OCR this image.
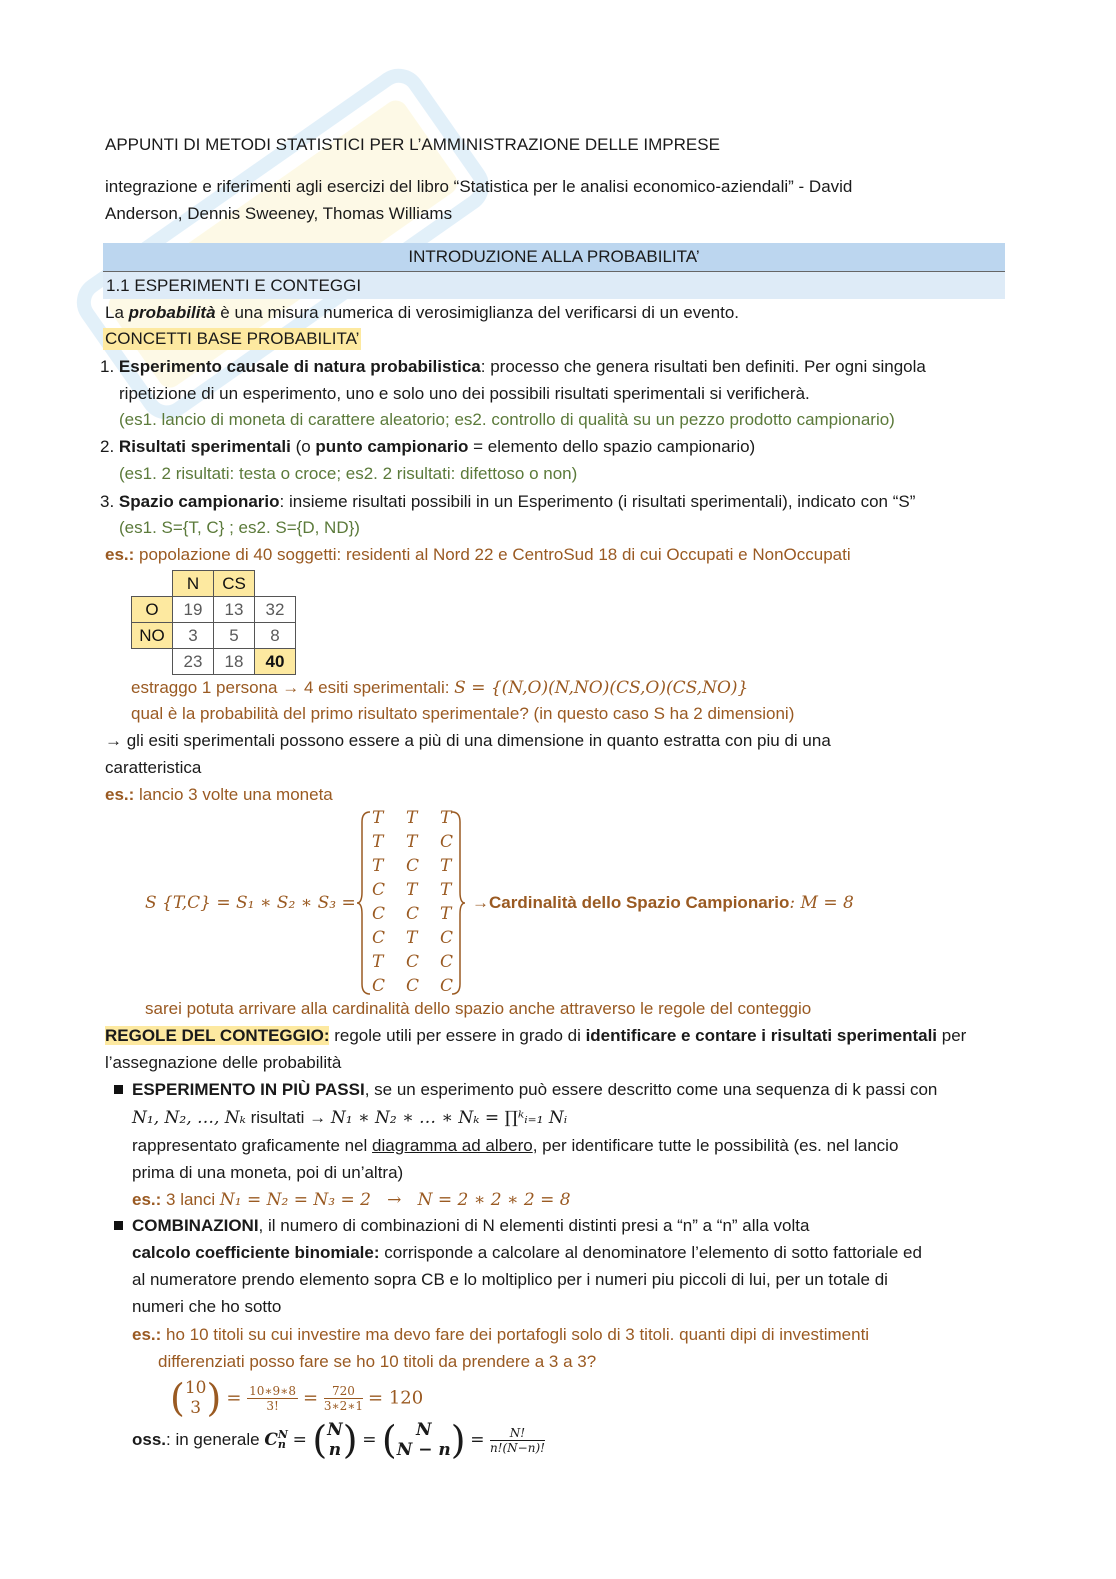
APPUNTI DI METODI STATISTICI PER L’AMMINISTRAZIONE DELLE IMPRESE
integrazione e riferimenti agli esercizi del libro “Statistica per le analisi economico-aziendali” - David
Anderson, Dennis Sweeney, Thomas Williams
INTRODUZIONE ALLA PROBABILITA’
1.1 ESPERIMENTI E CONTEGGI
La probabilità è una misura numerica di verosimiglianza del verificarsi di un evento.
CONCETTI BASE PROBABILITA’
1. Esperimento causale di natura probabilistica: processo che genera risultati ben definiti. Per ogni singola
ripetizione di un esperimento, uno e solo uno dei possibili risultati sperimentali si verificherà.
(es1. lancio di moneta di carattere aleatorio; es2. controllo di qualità su un pezzo prodotto campionario)
2. Risultati sperimentali (o punto campionario = elemento dello spazio campionario)
(es1. 2 risultati: testa o croce; es2. 2 risultati: difettoso o non)
3. Spazio campionario: insieme risultati possibili in un Esperimento (i risultati sperimentali), indicato con “S”
(es1. S={T, C} ; es2. S={D, ND})
es.: popolazione di 40 soggetti: residenti al Nord 22 e CentroSud 18 di cui Occupati e NonOccupati
	N	CS	
O	19	13	32
NO	3	5	8
	23	18	40
estraggo 1 persona → 4 esiti sperimentali: S = {(N,O)(N,NO)(CS,O)(CS,NO)}
qual è la probabilità del primo risultato sperimentale? (in questo caso S ha 2 dimensioni)
→ gli esiti sperimentali possono essere a più di una dimensione in quanto estratta con piu di una
caratteristica
es.: lancio 3 volte una moneta
S {T,C} = S₁ ∗ S₂ ∗ S₃ =
T T T
T T C
T C T
C T T
C C T
C T C
T C C
C C C
→Cardinalità dello Spazio Campionario: M = 8
sarei potuta arrivare alla cardinalità dello spazio anche attraverso le regole del conteggio
REGOLE DEL CONTEGGIO: regole utili per essere in grado di identificare e contare i risultati sperimentali per
l’assegnazione delle probabilità
ESPERIMENTO IN PIÙ PASSI, se un esperimento può essere descritto come una sequenza di k passi con
N₁, N₂, …, Nₖ risultati → N₁ ∗ N₂ ∗ … ∗ Nₖ = ∏ᵏᵢ₌₁ Nᵢ
rappresentato graficamente nel diagramma ad albero, per identificare tutte le possibilità (es. nel lancio
prima di una moneta, poi di un’altra)
es.: 3 lanci N₁ = N₂ = N₃ = 2   →   N = 2 ∗ 2 ∗ 2 = 8
COMBINAZIONI, il numero di combinazioni di N elementi distinti presi a “n” a “n” alla volta
calcolo coefficiente binomiale: corrisponde a calcolare al denominatore l’elemento di sotto fattoriale ed
al numeratore prendo elemento sopra CB e lo moltiplico per i numeri piu piccoli di lui, per un totale di
numeri che ho sotto
es.: ho 10 titoli su cui investire ma devo fare dei portafogli solo di 3 titoli. quanti dipi di investimenti
differenziati posso fare se ho 10 titoli da prendere a 3 a 3?
( 10
3 ) = $\frac{10∗9∗8}{3!} = \frac{720}{3∗2∗1} = 120$
oss.: in generale C N
n = ( N
n ) = (	N
N − n ) = $\frac{N!}{n!(N-n)!}$
